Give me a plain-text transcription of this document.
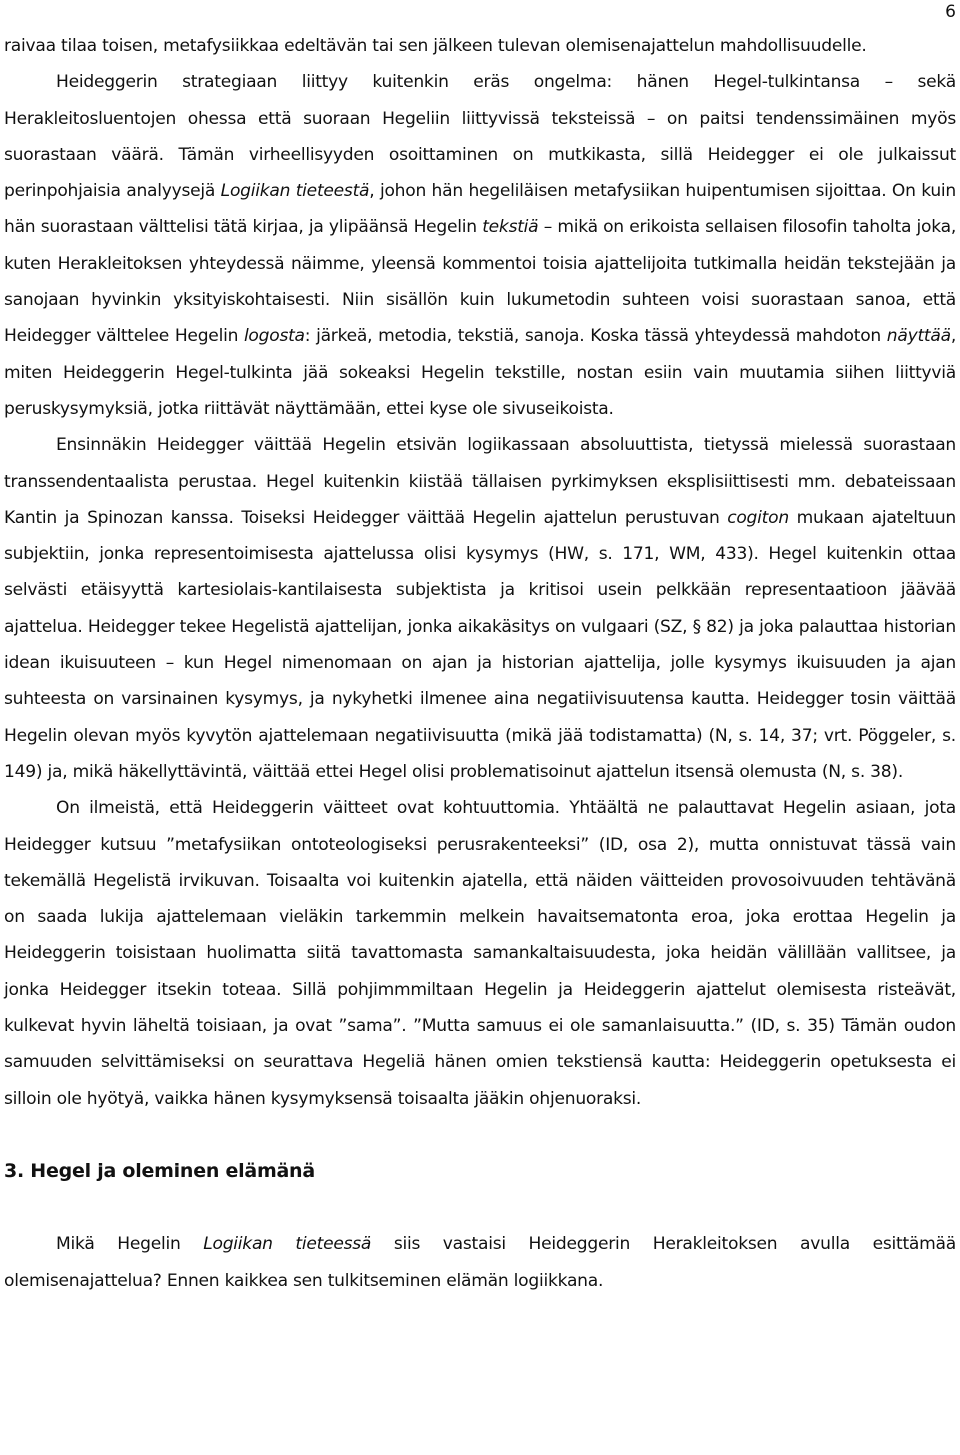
6

raivaa tilaa toisen, metafysiikkaa edeltävän tai sen jälkeen tulevan olemisenajattelun mahdollisuudelle.

Heideggerin strategiaan liittyy kuitenkin eräs ongelma: hänen Hegel-tulkintansa – sekä Herakleitosluentojen ohessa että suoraan Hegeliin liittyvissä teksteissä – on paitsi tendenssimäinen myös suorastaan väärä. Tämän virheellisyyden osoittaminen on mutkikasta, sillä Heidegger ei ole julkaissut perinpohjaisia analyysejä Logiikan tieteestä, johon hän hegeliläisen metafysiikan huipentumisen sijoittaa. On kuin hän suorastaan välttelisi tätä kirjaa, ja ylipäänsä Hegelin tekstiä – mikä on erikoista sellaisen filosofin taholta joka, kuten Herakleitoksen yhteydessä näimme, yleensä kommentoi toisia ajattelijoita tutkimalla heidän tekstejään ja sanojaan hyvinkin yksityiskohtaisesti. Niin sisällön kuin lukumetodin suhteen voisi suorastaan sanoa, että Heidegger välttelee Hegelin logosta: järkeä, metodia, tekstiä, sanoja. Koska tässä yhteydessä mahdoton näyttää, miten Heideggerin Hegel-tulkinta jää sokeaksi Hegelin tekstille, nostan esiin vain muutamia siihen liittyviä peruskysymyksiä, jotka riittävät näyttämään, ettei kyse ole sivuseikoista.

Ensinnäkin Heidegger väittää Hegelin etsivän logiikassaan absoluuttista, tietyssä mielessä suorastaan transsendentaalista perustaa. Hegel kuitenkin kiistää tällaisen pyrkimyksen eksplisiittisesti mm. debateissaan Kantin ja Spinozan kanssa. Toiseksi Heidegger väittää Hegelin ajattelun perustuvan cogiton mukaan ajateltuun subjektiin, jonka representoimisesta ajattelussa olisi kysymys (HW, s. 171, WM, 433). Hegel kuitenkin ottaa selvästi etäisyyttä kartesiolais-kantilaisesta subjektista ja kritisoi usein pelkkään representaatioon jäävää ajattelua. Heidegger tekee Hegelistä ajattelijan, jonka aikakäsitys on vulgaari (SZ, § 82) ja joka palauttaa historian idean ikuisuuteen – kun Hegel nimenomaan on ajan ja historian ajattelija, jolle kysymys ikuisuuden ja ajan suhteesta on varsinainen kysymys, ja nykyhetki ilmenee aina negatiivisuutensa kautta. Heidegger tosin väittää Hegelin olevan myös kyvytön ajattelemaan negatiivisuutta (mikä jää todistamatta) (N, s. 14, 37; vrt. Pöggeler, s. 149) ja, mikä häkellyttävintä, väittää ettei Hegel olisi problematisoinut ajattelun itsensä olemusta (N, s. 38).

On ilmeistä, että Heideggerin väitteet ovat kohtuuttomia. Yhtäältä ne palauttavat Hegelin asiaan, jota Heidegger kutsuu ”metafysiikan ontoteologiseksi perusrakenteeksi” (ID, osa 2), mutta onnistuvat tässä vain tekemällä Hegelistä irvikuvan. Toisaalta voi kuitenkin ajatella, että näiden väitteiden provosoivuuden tehtävänä on saada lukija ajattelemaan vieläkin tarkemmin melkein havaitsematonta eroa, joka erottaa Hegelin ja Heideggerin toisistaan huolimatta siitä tavattomasta samankaltaisuudesta, joka heidän välillään vallitsee, ja jonka Heidegger itsekin toteaa. Sillä pohjimmmiltaan Hegelin ja Heideggerin ajattelut olemisesta risteävät, kulkevat hyvin läheltä toisiaan, ja ovat ”sama”. ”Mutta samuus ei ole samanlaisuutta.” (ID, s. 35) Tämän oudon samuuden selvittämiseksi on seurattava Hegeliä hänen omien tekstiensä kautta: Heideggerin opetuksesta ei silloin ole hyötyä, vaikka hänen kysymyksensä toisaalta jääkin ohjenuoraksi.

3. Hegel ja oleminen elämänä

Mikä Hegelin Logiikan tieteessä siis vastaisi Heideggerin Herakleitoksen avulla esittämää olemisenajattelua? Ennen kaikkea sen tulkitseminen elämän logiikkana.
